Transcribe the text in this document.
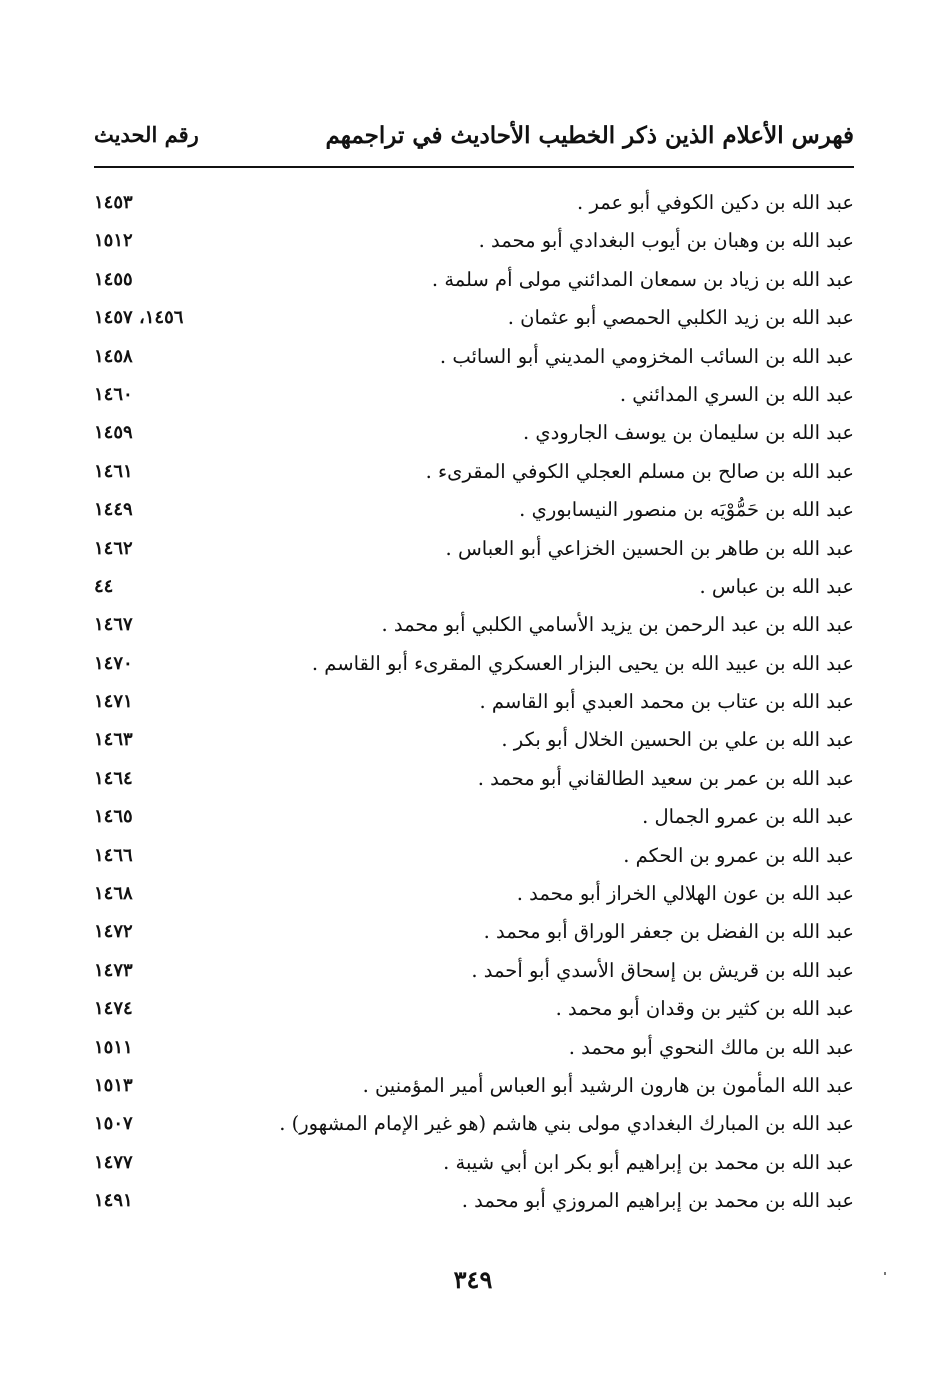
فهرس الأعلام الذين ذكر الخطيب الأحاديث في تراجمهم
رقم الحديث
عبد الله بن دكين الكوفي أبو عمر .
١٤٥٣
عبد الله بن وهبان بن أيوب البغدادي أبو محمد .
١٥١٢
عبد الله بن زياد بن سمعان المدائني مولى أم سلمة .
١٤٥٥
عبد الله بن زيد الكلبي الحمصي أبو عثمان .
١٤٥٦، ١٤٥٧
عبد الله بن السائب المخزومي المديني أبو السائب .
١٤٥٨
عبد الله بن السري المدائني .
١٤٦٠
عبد الله بن سليمان بن يوسف الجارودي .
١٤٥٩
عبد الله بن صالح بن مسلم العجلي الكوفي المقرىء .
١٤٦١
عبد الله بن حَمُّوْيَه بن منصور النيسابوري .
١٤٤٩
عبد الله بن طاهر بن الحسين الخزاعي أبو العباس .
١٤٦٢
عبد الله بن عباس .
٤٤
عبد الله بن عبد الرحمن بن يزيد الأسامي الكلبي أبو محمد .
١٤٦٧
عبد الله بن عبيد الله بن يحيى البزار العسكري المقرىء أبو القاسم .
١٤٧٠
عبد الله بن عتاب بن محمد العبدي أبو القاسم .
١٤٧١
عبد الله بن علي بن الحسين الخلال أبو بكر .
١٤٦٣
عبد الله بن عمر بن سعيد الطالقاني أبو محمد .
١٤٦٤
عبد الله بن عمرو الجمال .
١٤٦٥
عبد الله بن عمرو بن الحكم .
١٤٦٦
عبد الله بن عون الهلالي الخراز أبو محمد .
١٤٦٨
عبد الله بن الفضل بن جعفر الوراق أبو محمد .
١٤٧٢
عبد الله بن قريش بن إسحاق الأسدي أبو أحمد .
١٤٧٣
عبد الله بن كثير بن وقدان أبو محمد .
١٤٧٤
عبد الله بن مالك النحوي أبو محمد .
١٥١١
عبد الله المأمون بن هارون الرشيد أبو العباس أمير المؤمنين .
١٥١٣
عبد الله بن المبارك البغدادي مولى بني هاشم (هو غير الإمام المشهور) .
١٥٠٧
عبد الله بن محمد بن إبراهيم أبو بكر ابن أبي شيبة .
١٤٧٧
عبد الله بن محمد بن إبراهيم المروزي أبو محمد .
١٤٩١
٣٤٩
